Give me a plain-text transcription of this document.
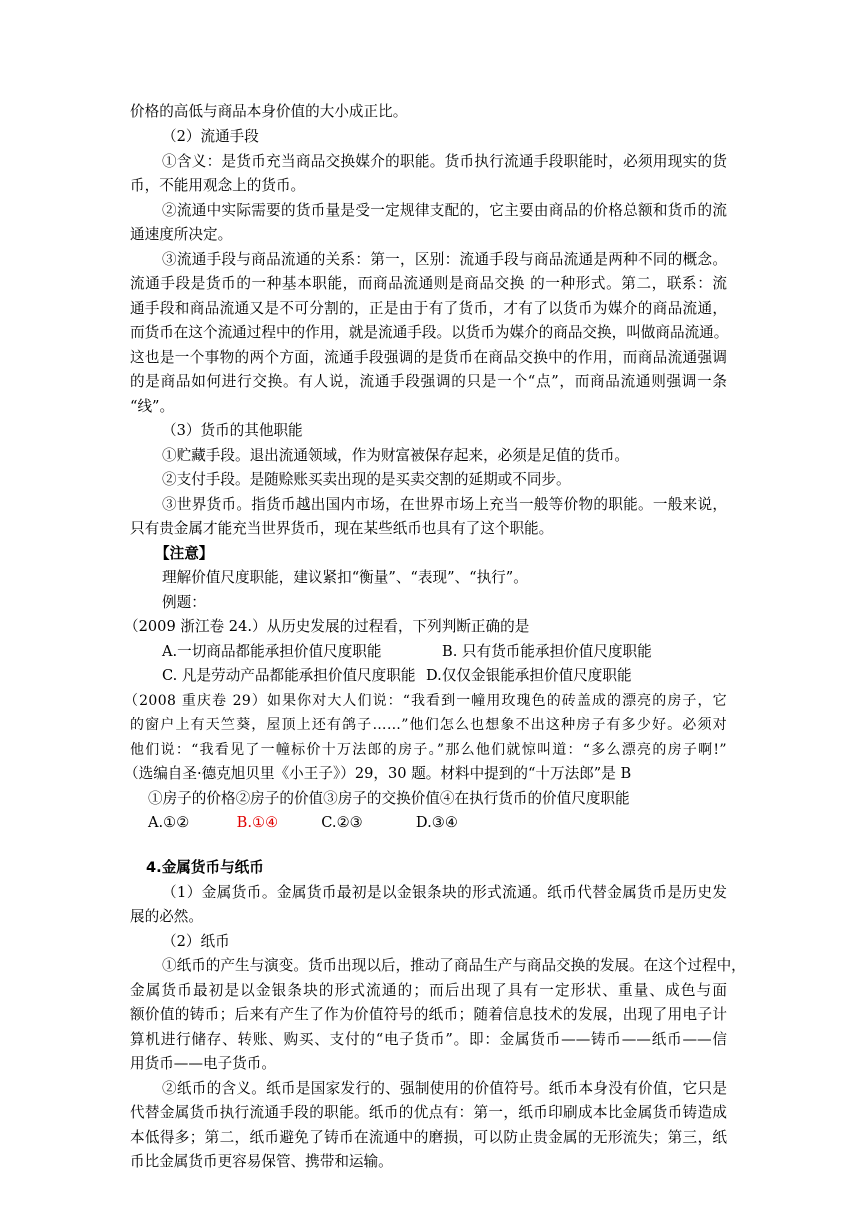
价格的高低与商品本身价值的大小成正比。
（2）流通手段
①含义：是货币充当商品交换媒介的职能。货币执行流通手段职能时，必须用现实的货
币，不能用观念上的货币。
②流通中实际需要的货币量是受一定规律支配的，它主要由商品的价格总额和货币的流
通速度所决定。
③流通手段与商品流通的关系：第一，区别：流通手段与商品流通是两种不同的概念。
流通手段是货币的一种基本职能，而商品流通则是商品交换 的一种形式。第二，联系：流
通手段和商品流通又是不可分割的，正是由于有了货币，才有了以货币为媒介的商品流通，
而货币在这个流通过程中的作用，就是流通手段。以货币为媒介的商品交换，叫做商品流通。
这也是一个事物的两个方面，流通手段强调的是货币在商品交换中的作用，而商品流通强调
的是商品如何进行交换。有人说，流通手段强调的只是一个“点”，而商品流通则强调一条
“线”。
（3）货币的其他职能
①贮藏手段。退出流通领域，作为财富被保存起来，必须是足值的货币。
②支付手段。是随赊账买卖出现的是买卖交割的延期或不同步。
③世界货币。指货币越出国内市场，在世界市场上充当一般等价物的职能。一般来说，
只有贵金属才能充当世界货币，现在某些纸币也具有了这个职能。
【注意】
理解价值尺度职能，建议紧扣“衡量”、“表现”、“执行”。
例题：
（2009 浙江卷 24.）从历史发展的过程看，下列判断正确的是
A.一切商品都能承担价值尺度职能	B. 只有货币能承担价值尺度职能
C. 凡是劳动产品都能承担价值尺度职能 D.仅仅金银能承担价值尺度职能
（2008 重庆卷 29）如果你对大人们说：“我看到一幢用玫瑰色的砖盖成的漂亮的房子，它
的窗户上有天竺葵，屋顶上还有鸽子……”他们怎么也想象不出这种房子有多少好。必须对
他们说：“我看见了一幢标价十万法郎的房子。”那么他们就惊叫道：“多么漂亮的房子啊!”
（选编自圣·德克旭贝里《小王子》）29，30 题。材料中提到的“十万法郎”是 B
①房子的价格②房子的价值③房子的交换价值④在执行货币的价值尺度职能
A.①②	B.①④	C.②③	D.③④
4.金属货币与纸币
（1）金属货币。金属货币最初是以金银条块的形式流通。纸币代替金属货币是历史发
展的必然。
（2）纸币
①纸币的产生与演变。货币出现以后，推动了商品生产与商品交换的发展。在这个过程中，
金属货币最初是以金银条块的形式流通的；而后出现了具有一定形状、重量、成色与面
额价值的铸币；后来有产生了作为价值符号的纸币；随着信息技术的发展，出现了用电子计
算机进行储存、转账、购买、支付的“电子货币”。即：金属货币——铸币——纸币——信
用货币——电子货币。
②纸币的含义。纸币是国家发行的、强制使用的价值符号。纸币本身没有价值，它只是
代替金属货币执行流通手段的职能。纸币的优点有：第一，纸币印刷成本比金属货币铸造成
本低得多；第二，纸币避免了铸币在流通中的磨损，可以防止贵金属的无形流失；第三，纸
币比金属货币更容易保管、携带和运输。
